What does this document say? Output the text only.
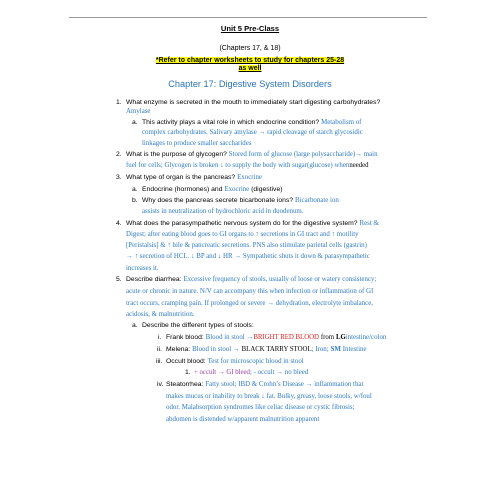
Unit 5 Pre-Class
(Chapters 17, & 18)
*Refer to chapter worksheets to study for chapters 25-28
as well
Chapter 17: Digestive System Disorders
1. What enzyme is secreted in the mouth to immediately start digesting carbohydrates?
Amylase
a. This activity plays a vital role in which endocrine condition? Metabolism of
complex carbohydrates. Salivary amylase → rapid cleavage of starch glycosidic
linkages to produce smaller saccharides
2. What is the purpose of glycogen? Stored form of glucose (large polysaccharide)→ main
fuel for cells; Glycogen is broken ↓ to supply the body with sugar(glucose) whenneeded
3. What type of organ is the pancreas? Exocrine
a. Endocrine (hormones) and Exocrine (digestive)
b. Why does the pancreas secrete bicarbonate ions? Bicarbonate ion
assists in neutralization of hydrochloric acid in duodenum.
4. What does the parasympathetic nervous system do for the digestive system? Rest &
Digest; after eating blood goes to GI organs to ↑ secretions in GI tract and ↑ motility
[Peristalsis] & ↑ bile & pancreatic secretions. PNS also stimulate parietal cells (gastrin)
→ ↑ secretion of HCL. ↓ BP and ↓ HR → Sympathetic shuts it down & parasympathetic
increases it.
5. Describe diarrhea: Excessive frequency of stools, usually of loose or watery consistency;
acute or chronic in nature. N/V can accompany this when infection or inflammation of GI
tract occurs, cramping pain. If prolonged or severe → dehydration, electrolyte imbalance,
acidosis, & malnutrition.
a. Describe the different types of stools:
i. Frank blood: Blood in stool →BRIGHT RED BLOOD from LGintestine/colon
ii. Melena: Blood in stool → BLACK TARRY STOOL; Iron; SM Intestine
iii. Occult blood: Test for microscopic blood in stool
1. + occult → GI bleed; - occult → no bleed
iv. Steatorrhea: Fatty stool; IBD & Crohn’s Disease → inflammation that
makes mucus or inability to break ↓ fat. Bulky, greasy, loose stools, w/foul
odor. Malabsorption syndromes like celiac disease or cystic fibrosis;
abdomen is distended w/apparent malnutrition apparent
